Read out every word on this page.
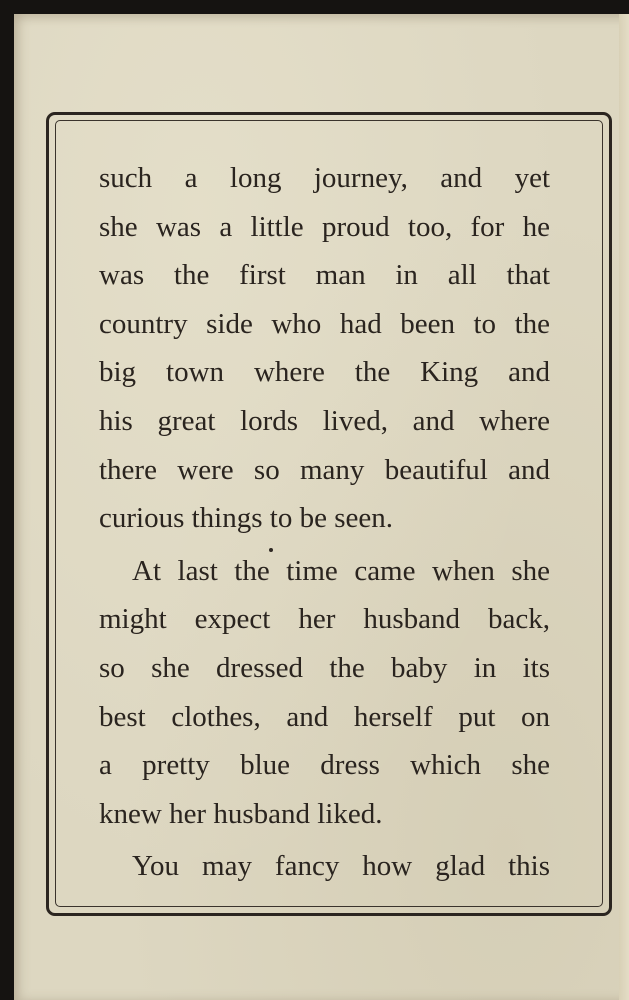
such a long journey, and yet
she was a little proud too, for he
was the first man in all that
country side who had been to the
big town where the King and
his great lords lived, and where
there were so many beautiful and
curious things to be seen.
At last the time came when she
might expect her husband back,
so she dressed the baby in its
best clothes, and herself put on
a pretty blue dress which she
knew her husband liked.
You may fancy how glad this
